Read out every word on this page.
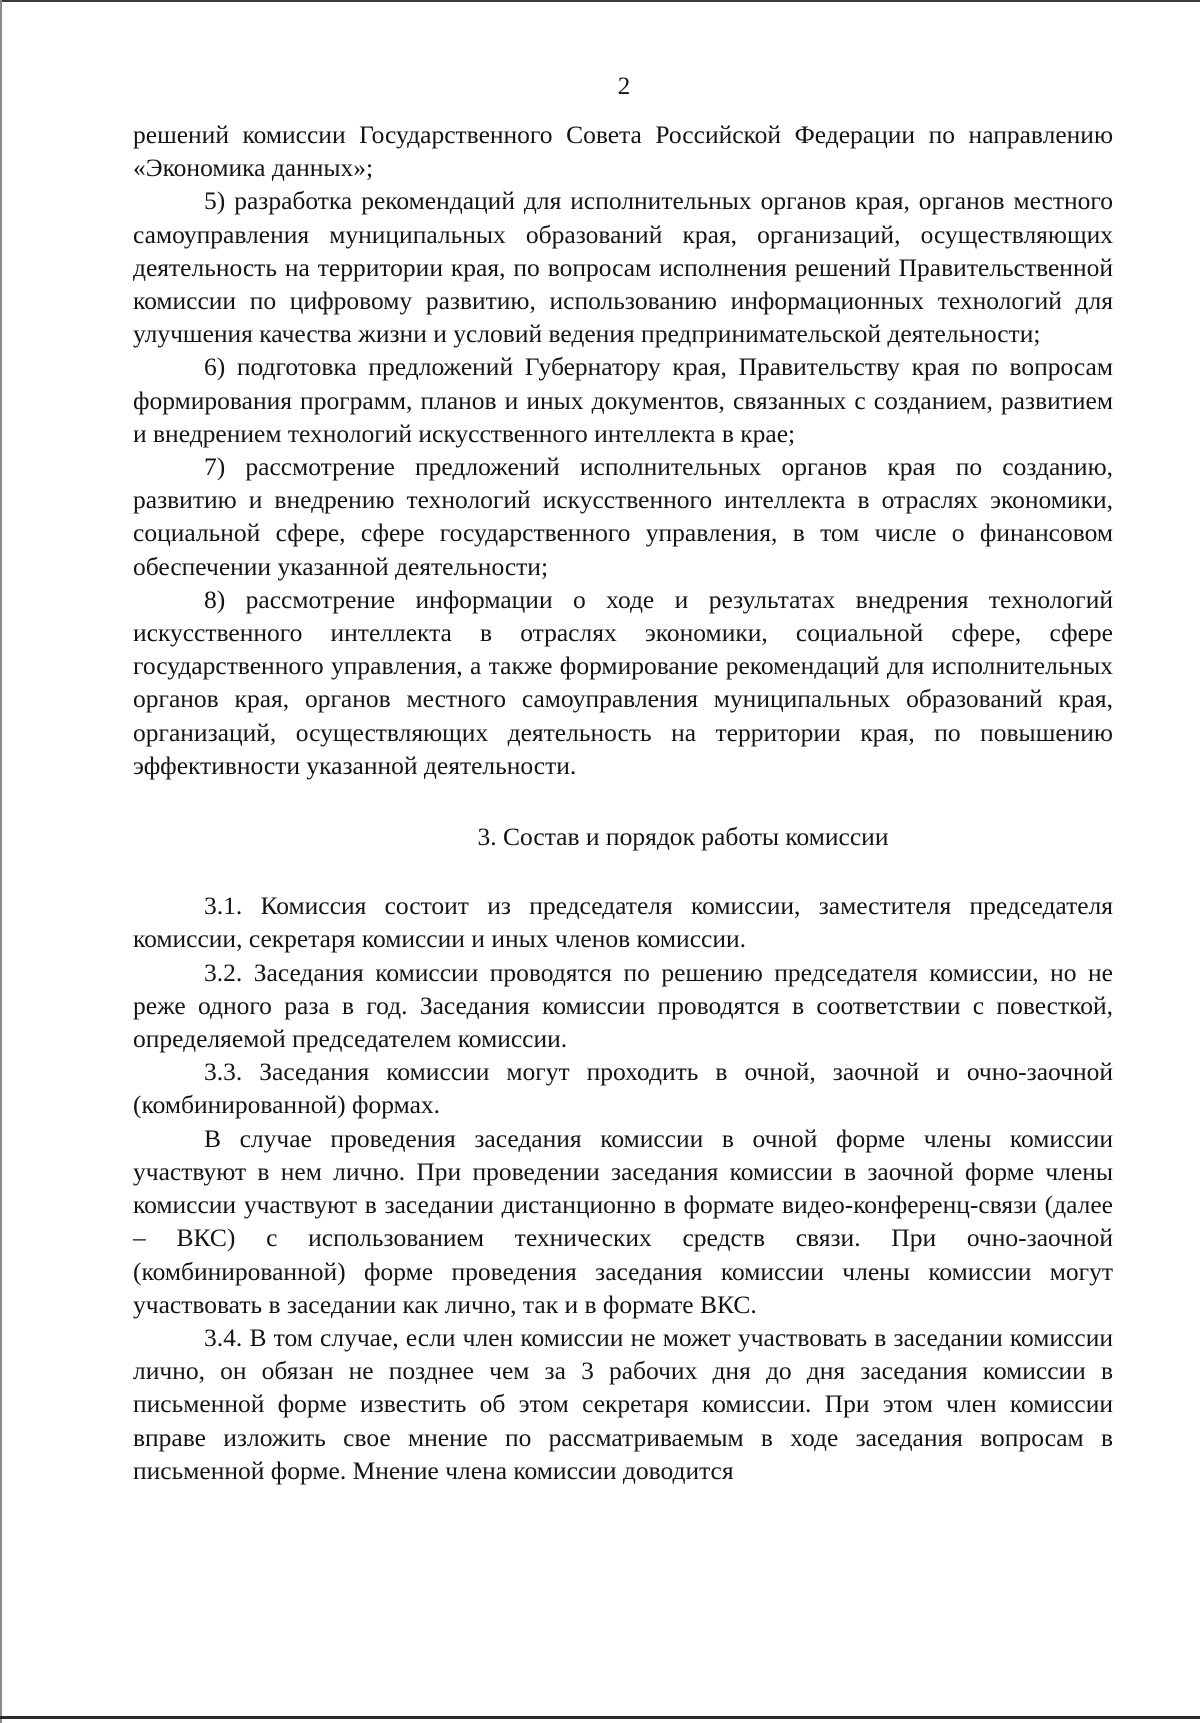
2

решений комиссии Государственного Совета Российской Федерации по направлению «Экономика данных»;

5) разработка рекомендаций для исполнительных органов края, органов местного самоуправления муниципальных образований края, организаций, осуществляющих деятельность на территории края, по вопросам исполнения решений Правительственной комиссии по цифровому развитию, использованию информационных технологий для улучшения качества жизни и условий ведения предпринимательской деятельности;

6) подготовка предложений Губернатору края, Правительству края по вопросам формирования программ, планов и иных документов, связанных с созданием, развитием и внедрением технологий искусственного интеллекта в крае;

7) рассмотрение предложений исполнительных органов края по созданию, развитию и внедрению технологий искусственного интеллекта в отраслях экономики, социальной сфере, сфере государственного управления, в том числе о финансовом обеспечении указанной деятельности;

8) рассмотрение информации о ходе и результатах внедрения технологий искусственного интеллекта в отраслях экономики, социальной сфере, сфере государственного управления, а также формирование рекомендаций для исполнительных органов края, органов местного самоуправления муниципальных образований края, организаций, осуществляющих деятельность на территории края, по повышению эффективности указанной деятельности.

3. Состав и порядок работы комиссии

3.1. Комиссия состоит из председателя комиссии, заместителя председателя комиссии, секретаря комиссии и иных членов комиссии.

3.2. Заседания комиссии проводятся по решению председателя комиссии, но не реже одного раза в год. Заседания комиссии проводятся в соответствии с повесткой, определяемой председателем комиссии.

3.3. Заседания комиссии могут проходить в очной, заочной и очно-заочной (комбинированной) формах.

В случае проведения заседания комиссии в очной форме члены комиссии участвуют в нем лично. При проведении заседания комиссии в заочной форме члены комиссии участвуют в заседании дистанционно в формате видео-конференц-связи (далее – ВКС) с использованием технических средств связи. При очно-заочной (комбинированной) форме проведения заседания комиссии члены комиссии могут участвовать в заседании как лично, так и в формате ВКС.

3.4. В том случае, если член комиссии не может участвовать в заседании комиссии лично, он обязан не позднее чем за 3 рабочих дня до дня заседания комиссии в письменной форме известить об этом секретаря комиссии. При этом член комиссии вправе изложить свое мнение по рассматриваемым в ходе заседания вопросам в письменной форме. Мнение члена комиссии доводится
